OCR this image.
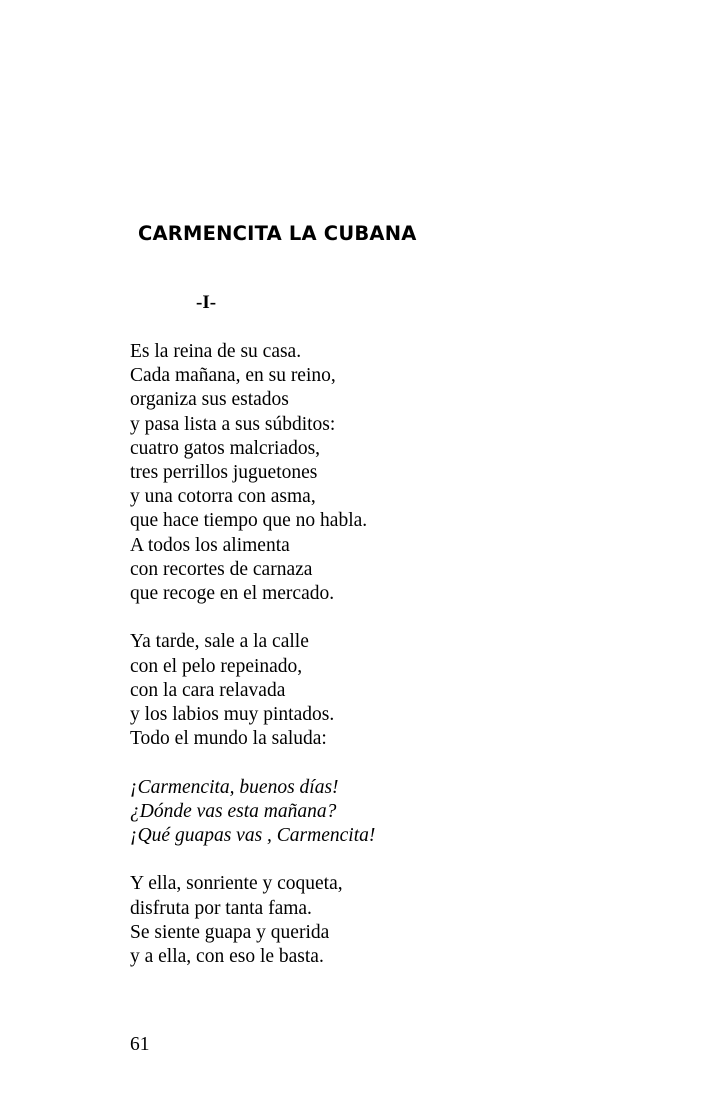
CARMENCITA LA CUBANA
-I-
Es la reina de su casa.
Cada mañana, en su reino,
organiza sus estados
y pasa lista a sus súbditos:
cuatro gatos malcriados,
tres perrillos juguetones
y una cotorra con asma,
que hace tiempo que no habla.
A todos los alimenta
con recortes de carnaza
que recoge en el mercado.
Ya tarde, sale a la calle
con el pelo repeinado,
con la cara relavada
y los labios muy pintados.
Todo el mundo la saluda:
¡Carmencita, buenos días!
¿Dónde vas esta mañana?
¡Qué guapas vas , Carmencita!
Y ella, sonriente y coqueta,
disfruta por tanta fama.
Se siente guapa y querida
y a ella, con eso le basta.
61
